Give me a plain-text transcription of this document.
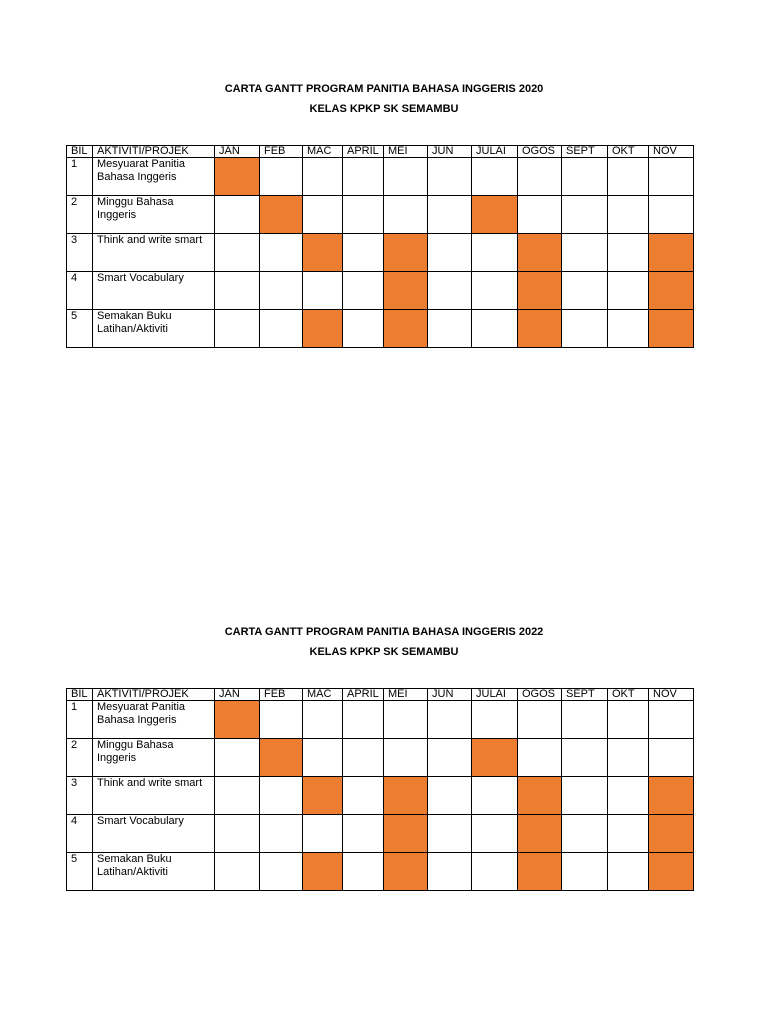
CARTA GANTT PROGRAM PANITIA BAHASA INGGERIS 2020

KELAS KPKP SK SEMAMBU

BIL	AKTIVITI/PROJEK	JAN	FEB	MAC	APRIL	MEI	JUN	JULAI	OGOS	SEPT	OKT	NOV
1	Mesyuarat Panitia Bahasa Inggeris											
2	Minggu Bahasa Inggeris											
3	Think and write smart											
4	Smart Vocabulary											
5	Semakan Buku Latihan/Aktiviti											

CARTA GANTT PROGRAM PANITIA BAHASA INGGERIS 2022

KELAS KPKP SK SEMAMBU

BIL	AKTIVITI/PROJEK	JAN	FEB	MAC	APRIL	MEI	JUN	JULAI	OGOS	SEPT	OKT	NOV
1	Mesyuarat Panitia Bahasa Inggeris											
2	Minggu Bahasa Inggeris											
3	Think and write smart											
4	Smart Vocabulary											
5	Semakan Buku Latihan/Aktiviti											
